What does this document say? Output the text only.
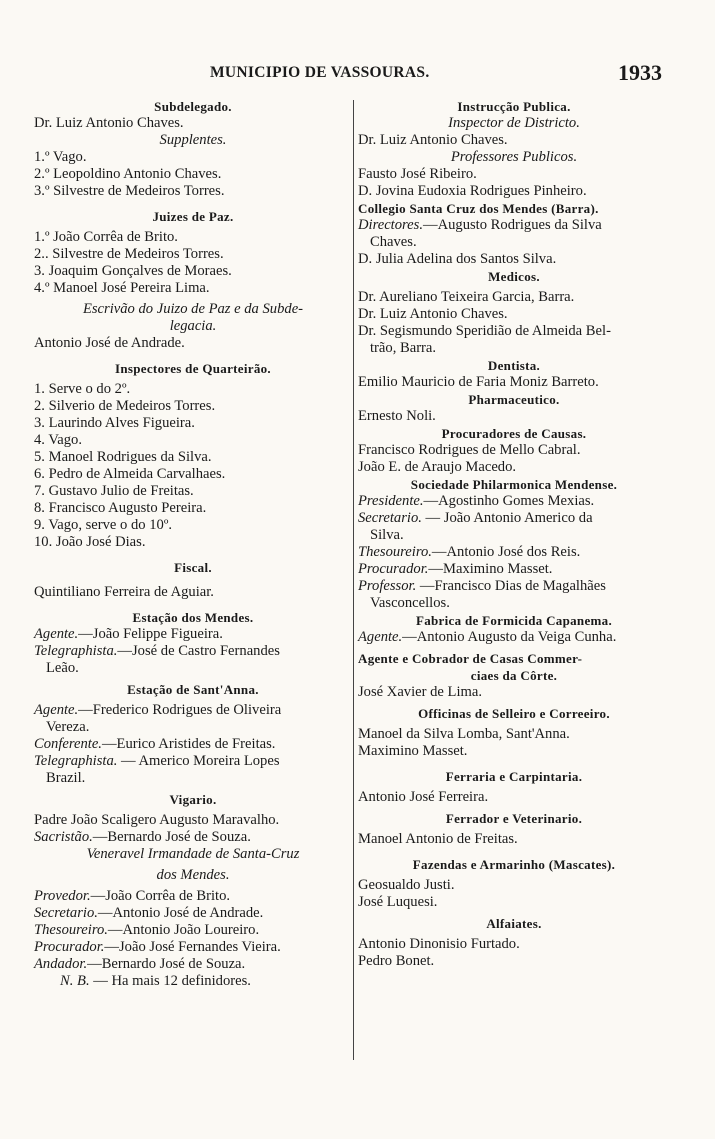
MUNICIPIO DE VASSOURAS.	1933
Subdelegado.
Dr. Luiz Antonio Chaves.
Supplentes.
1.º Vago.
2.º Leopoldino Antonio Chaves.
3.º Silvestre de Medeiros Torres.
Juizes de Paz.
1.º João Corrêa de Brito.
2.. Silvestre de Medeiros Torres.
3. Joaquim Gonçalves de Moraes.
4.º Manoel José Pereira Lima.
Escrivão do Juizo de Paz e da Subde-
legacia.
Antonio José de Andrade.
Inspectores de Quarteirão.
1. Serve o do 2º.
2. Silverio de Medeiros Torres.
3. Laurindo Alves Figueira.
4. Vago.
5. Manoel Rodrigues da Silva.
6. Pedro de Almeida Carvalhaes.
7. Gustavo Julio de Freitas.
8. Francisco Augusto Pereira.
9. Vago, serve o do 10º.
10. João José Dias.
Fiscal.
Quintiliano Ferreira de Aguiar.
Estação dos Mendes.
Agente.—João Felippe Figueira.
Telegraphista.—José de Castro Fernandes
Leão.
Estação de Sant'Anna.
Agente.—Frederico Rodrigues de Oliveira
Vereza.
Conferente.—Eurico Aristides de Freitas.
Telegraphista. — Americo Moreira Lopes
Brazil.
Vigario.
Padre João Scaligero Augusto Maravalho.
Sacristão.—Bernardo José de Souza.
Veneravel Irmandade de Santa-Cruz
dos Mendes.
Provedor.—João Corrêa de Brito.
Secretario.—Antonio José de Andrade.
Thesoureiro.—Antonio João Loureiro.
Procurador.—João José Fernandes Vieira.
Andador.—Bernardo José de Souza.
N. B. — Ha mais 12 definidores.
Instrucção Publica.
Inspector de Districto.
Dr. Luiz Antonio Chaves.
Professores Publicos.
Fausto José Ribeiro.
D. Jovina Eudoxia Rodrigues Pinheiro.
Collegio Santa Cruz dos Mendes (Barra).
Directores.—Augusto Rodrigues da Silva
Chaves.
D. Julia Adelina dos Santos Silva.
Medicos.
Dr. Aureliano Teixeira Garcia, Barra.
Dr. Luiz Antonio Chaves.
Dr. Segismundo Speridião de Almeida Bel-
trão, Barra.
Dentista.
Emilio Mauricio de Faria Moniz Barreto.
Pharmaceutico.
Ernesto Noli.
Procuradores de Causas.
Francisco Rodrigues de Mello Cabral.
João E. de Araujo Macedo.
Sociedade Philarmonica Mendense.
Presidente.—Agostinho Gomes Mexias.
Secretario. — João Antonio Americo da
Silva.
Thesoureiro.—Antonio José dos Reis.
Procurador.—Maximino Masset.
Professor. —Francisco Dias de Magalhães
Vasconcellos.
Fabrica de Formicida Capanema.
Agente.—Antonio Augusto da Veiga Cunha.
Agente e Cobrador de Casas Commer-
ciaes da Côrte.
José Xavier de Lima.
Officinas de Selleiro e Correeiro.
Manoel da Silva Lomba, Sant'Anna.
Maximino Masset.
Ferraria e Carpintaria.
Antonio José Ferreira.
Ferrador e Veterinario.
Manoel Antonio de Freitas.
Fazendas e Armarinho (Mascates).
Geosualdo Justi.
José Luquesi.
Alfaiates.
Antonio Dinonisio Furtado.
Pedro Bonet.
